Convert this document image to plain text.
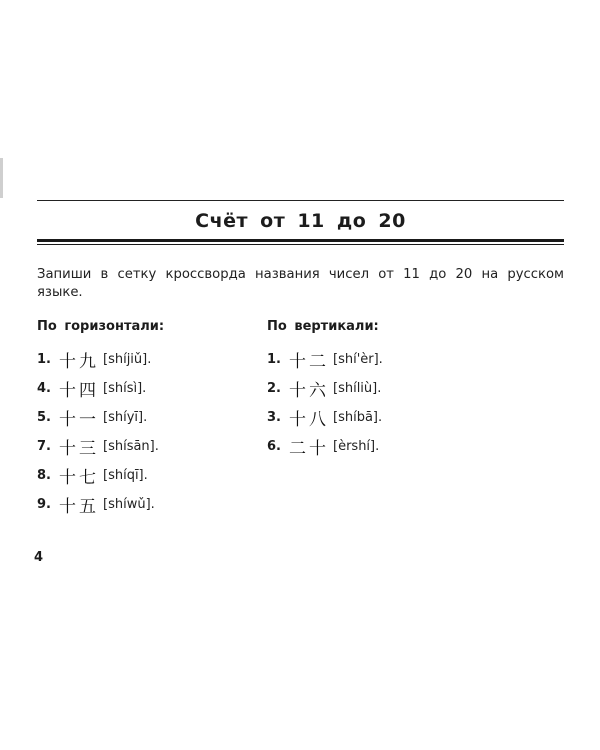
Счёт от 11 до 20
Запиши в сетку кроссворда названия чисел от 11 до 20 на русском языке.
По горизонтали:
1. 十九 [shíjiǔ].
4. 十四 [shísì].
5. 十一 [shíyī].
7. 十三 [shísān].
8. 十七 [shíqī].
9. 十五 [shíwǔ].
По вертикали:
1. 十二 [shí'èr].
2. 十六 [shíliù].
3. 十八 [shíbā].
6. 二十 [èrshí].
4
